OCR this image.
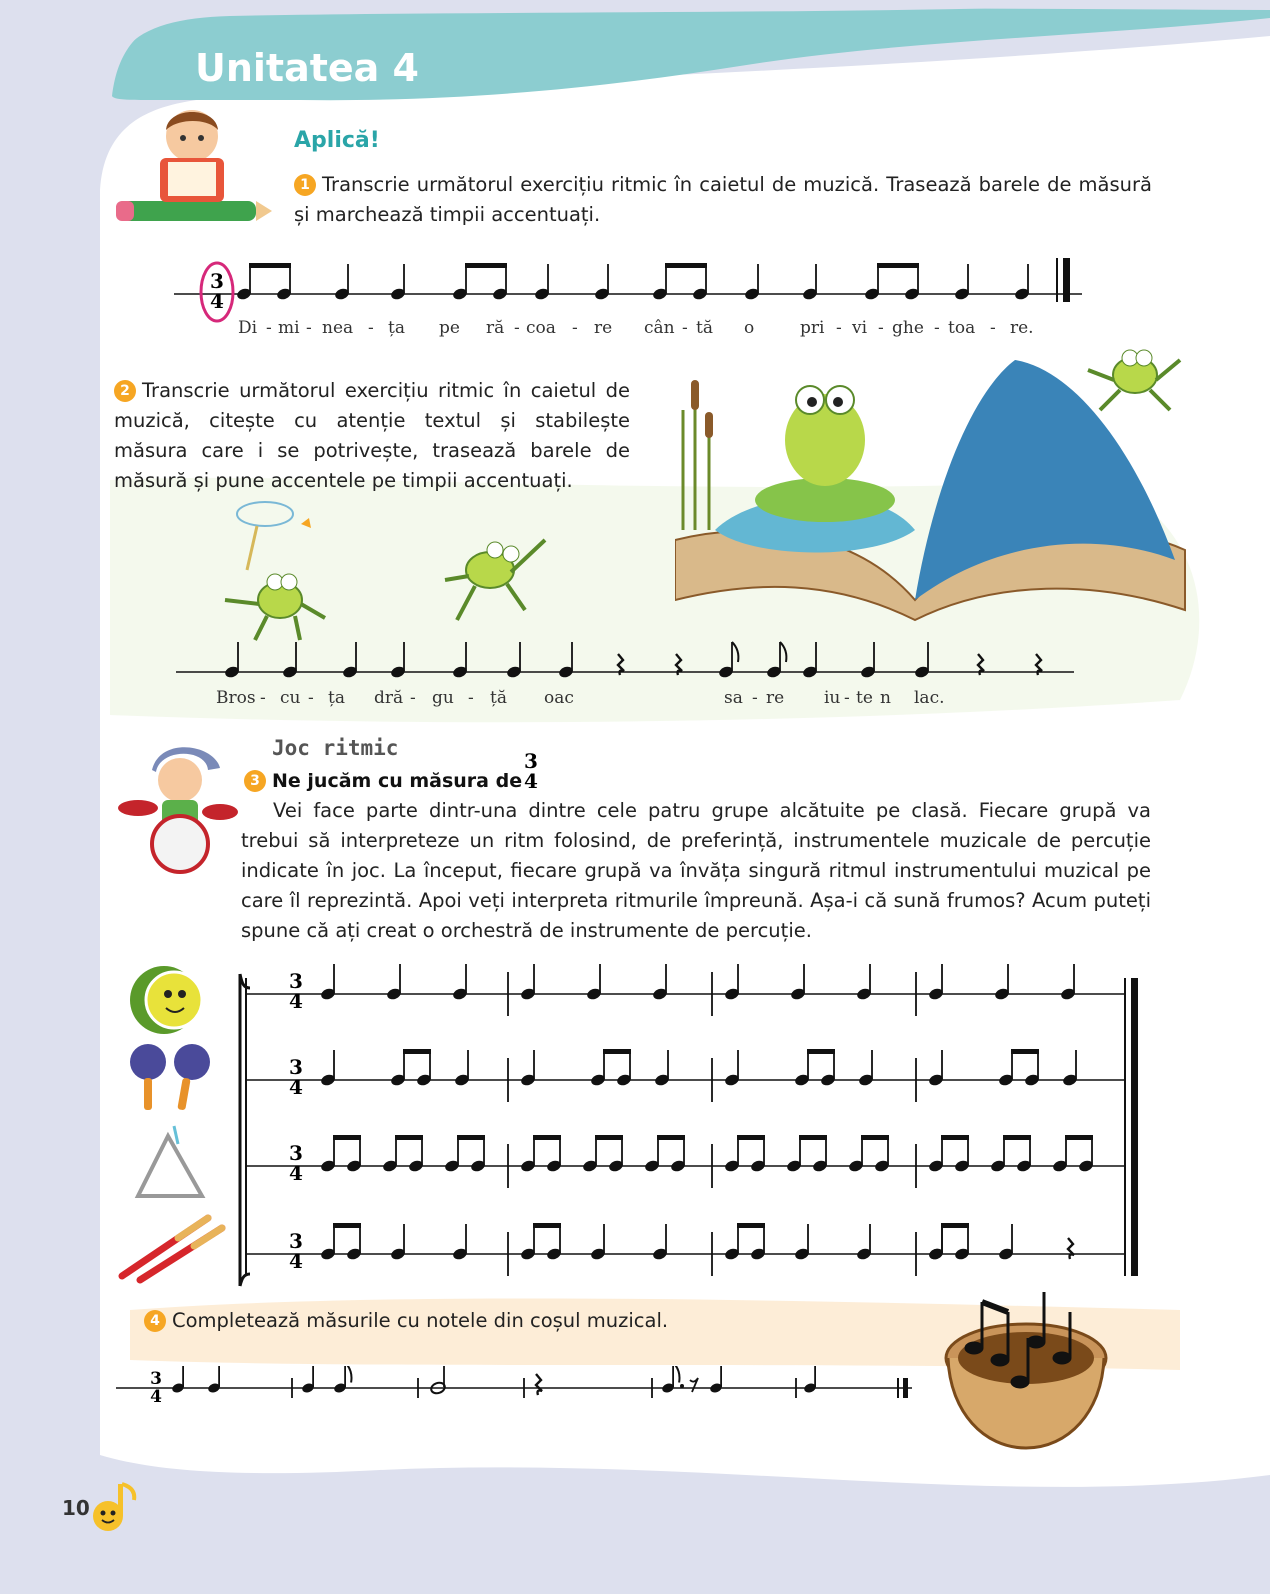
Unitatea 4
Aplică!
1 Transcrie următorul exercițiu ritmic în caietul de muzică. Trasează barele de măsură și marchează timpii accentuați.
3
4
Di - mi - nea - ța pe ră - coa - re cân - tă o	pri - vi - ghe - toa - re.
2 Transcrie următorul exercițiu ritmic în caietul de muzică, citește cu atenție textul și stabilește măsura care i se potrivește, trasează barele de măsură și pune accentele pe timpii accentuați.
Bros - cu - ța dră - gu - ță oac	sa - re iu - te n lac.
Joc ritmic
3 Ne jucăm cu măsura de
3
4
Vei face parte dintr-una dintre cele patru grupe alcătuite pe clasă. Fiecare grupă va trebui să interpreteze un ritm folosind, de preferință, instrumentele muzicale de percuție indicate în joc. La început, fiecare grupă va învăța singură ritmul instrumentului muzical pe care îl reprezintă. Apoi veți interpreta ritmurile împreună. Așa-i că sună frumos? Acum puteți spune că ați creat o orchestră de instrumente de percuție.
3
4
3
4
3
4
3
4
4 Completează măsurile cu notele din coșul muzical.
3
4
10
